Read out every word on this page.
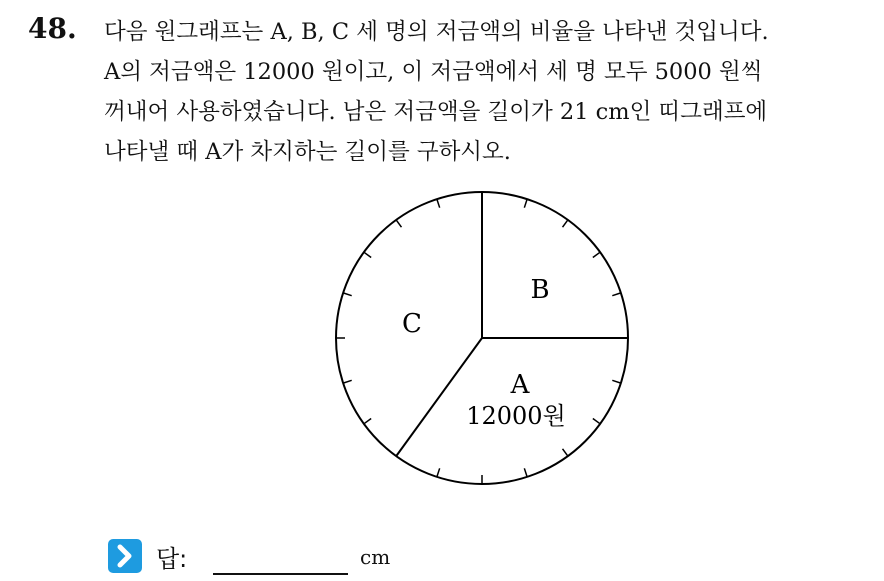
48. 다음 원그래프는 A, B, C 세 명의 저금액의 비율을 나타낸 것입니다.
A의 저금액은 12000 원이고, 이 저금액에서 세 명 모두 5000 원씩
꺼내어 사용하였습니다. 남은 저금액을 길이가 21 cm인 띠그래프에
나타낼 때 A가 차지하는 길이를 구하시오.
B
C
A
12000원
답:	cm
